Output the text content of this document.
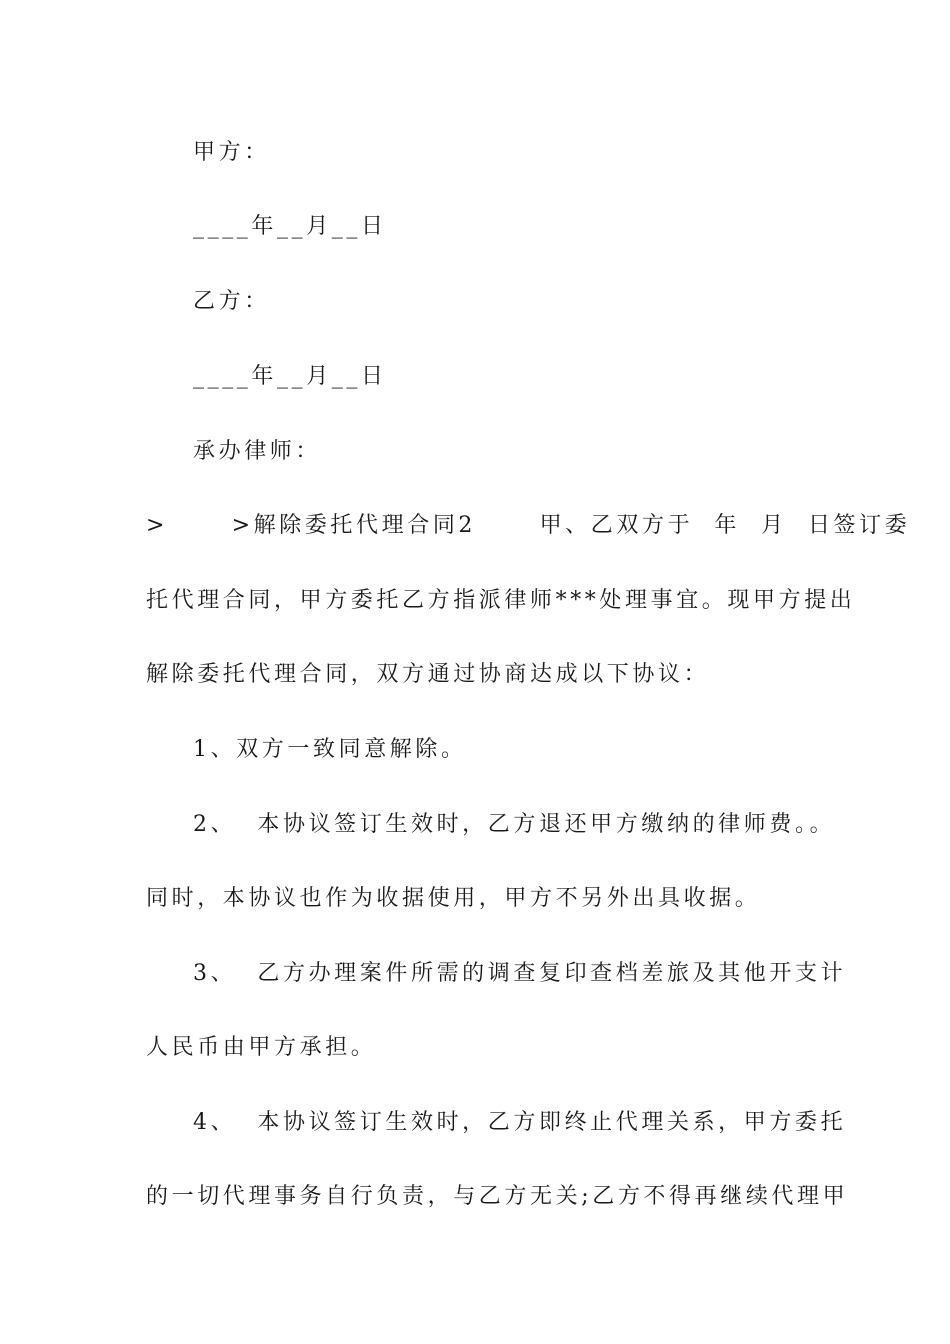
甲方：
____年__月__日
乙方：
____年__月__日
承办律师：
>      >解除委托代理合同2      甲、乙双方于  年  月  日签订委
托代理合同，甲方委托乙方指派律师***处理事宜。现甲方提出
解除委托代理合同，双方通过协商达成以下协议：
1、双方一致同意解除。
2、  本协议签订生效时，乙方退还甲方缴纳的律师费。。
同时，本协议也作为收据使用，甲方不另外出具收据。
3、  乙方办理案件所需的调查复印查档差旅及其他开支计
人民币由甲方承担。
4、  本协议签订生效时，乙方即终止代理关系，甲方委托
的一切代理事务自行负责，与乙方无关;乙方不得再继续代理甲
